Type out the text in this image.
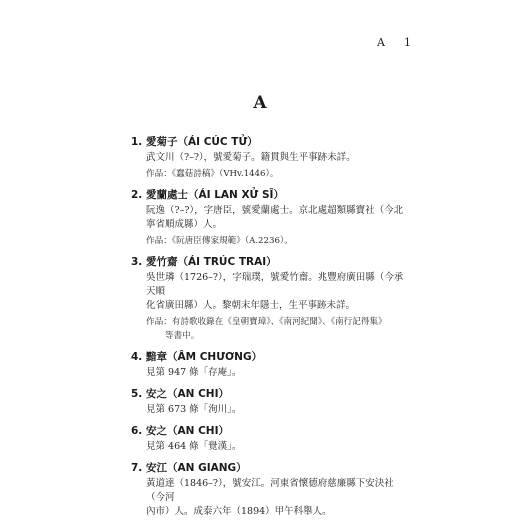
A 1
A
1. 愛菊子（ÁI CÚC TỬ）

武文川（?–?），號愛菊子。籍貫與生平事跡未詳。

作品：《蠢菇詩稿》（VHv.1446）。

2. 愛蘭處士（ÁI LAN XỬ SĨ）

阮逸（?–?），字唐臣，號愛蘭處士。京北處超類縣寶社（今北

寧省順成縣）人。

作品：《阮唐臣傳家規範》（A.2236）。

3. 愛竹齋（ÁI TRÚC TRAI）

吳世璘（1726–?），字瑞璞，號愛竹齋。兆豐府廣田縣（今承天順

化省廣田縣）人。黎朝末年隱士，生平事跡未詳。

作品：有詩歌收錄在《皇朝寶璋》、《南河紀聞》、《南行記得集》

等書中。

4. 黯章（ÂM CHƯƠNG）

見第 947 條「存庵」。

5. 安之（AN CHI）

見第 673 條「洵川」。

6. 安之（AN CHI）

見第 464 條「覺漢」。

7. 安江（AN GIANG）

黃道達（1846–?），號安江。河東省懷德府慈廉縣下安決社（今河

內市）人。成泰六年（1894）甲午科舉人。
